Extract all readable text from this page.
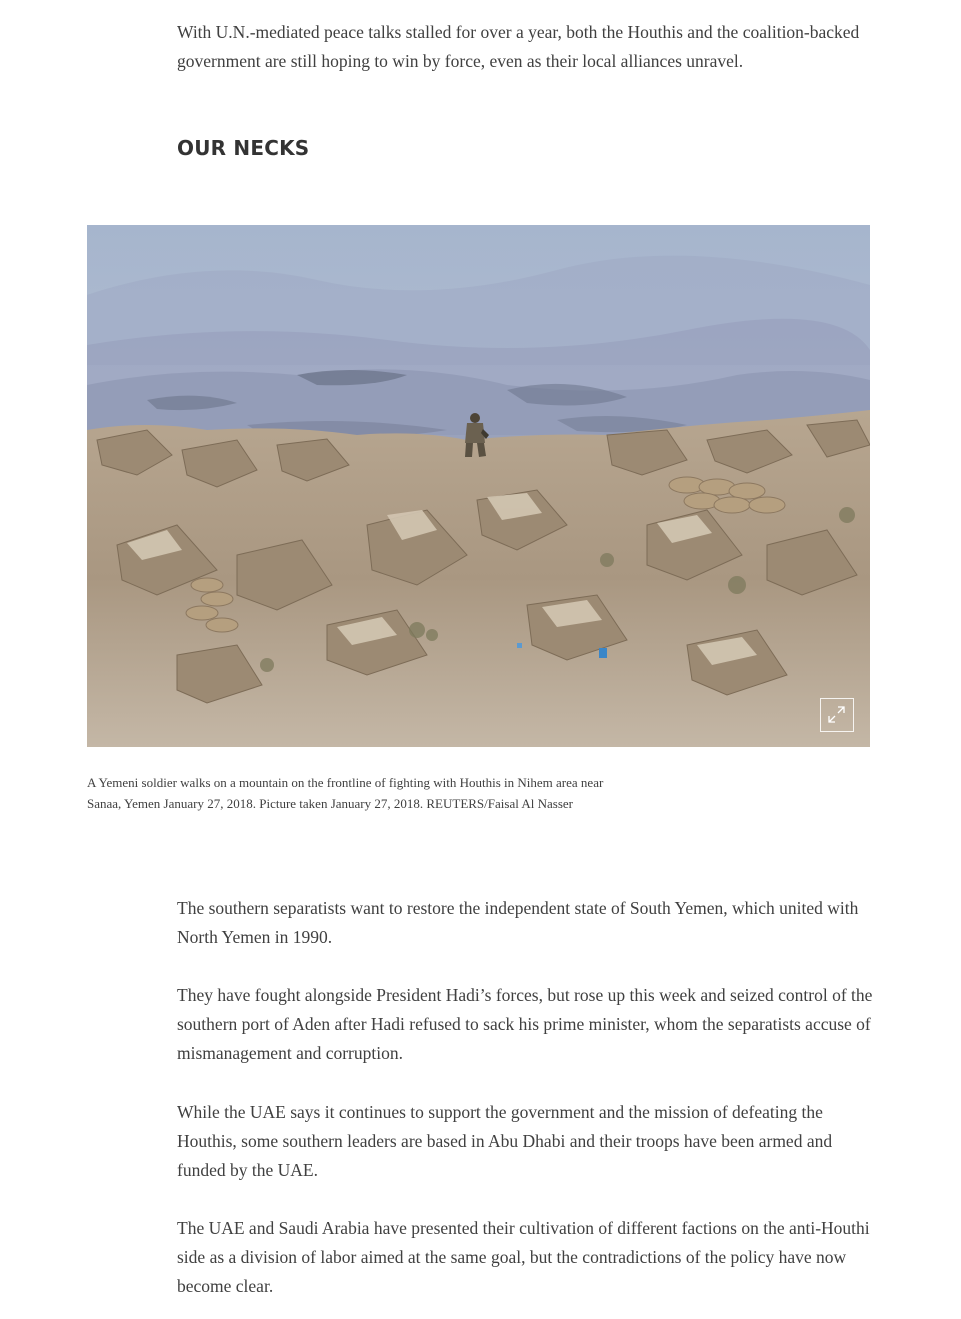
With U.N.-mediated peace talks stalled for over a year, both the Houthis and the coalition-backed government are still hoping to win by force, even as their local alliances unravel.

OUR NECKS

A Yemeni soldier walks on a mountain on the frontline of fighting with Houthis in Nihem area near Sanaa, Yemen January 27, 2018. Picture taken January 27, 2018. REUTERS/Faisal Al Nasser

The southern separatists want to restore the independent state of South Yemen, which united with North Yemen in 1990.

They have fought alongside President Hadi’s forces, but rose up this week and seized control of the southern port of Aden after Hadi refused to sack his prime minister, whom the separatists accuse of mismanagement and corruption.

While the UAE says it continues to support the government and the mission of defeating the Houthis, some southern leaders are based in Abu Dhabi and their troops have been armed and funded by the UAE.

The UAE and Saudi Arabia have presented their cultivation of different factions on the anti-Houthi side as a division of labor aimed at the same goal, but the contradictions of the policy have now become clear.
